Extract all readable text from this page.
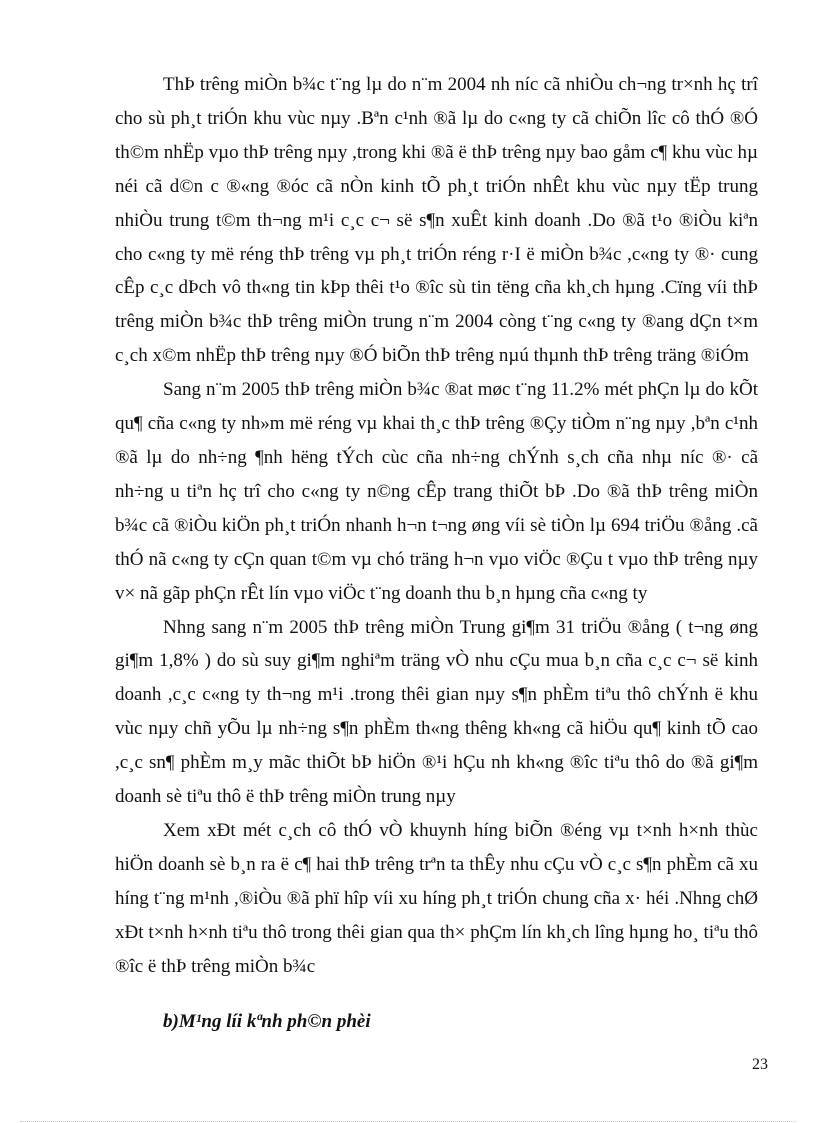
ThÞ trêng miÒn b¾c t¨ng lµ do n¨m 2004 nh níc cã nhiÒu ch¬ng tr×nh hç trî cho sù ph¸t triÓn khu vùc nµy .Bªn c¹nh ®ã lµ do c«ng ty cã chiÕn lîc cô thÓ ®Ó th©m nhËp vµo thÞ trêng nµy ,trong khi ®ã ë thÞ trêng nµy bao gåm c¶ khu vùc hµ néi cã d©n c ®«ng ®óc cã nÒn kinh tÕ ph¸t triÓn nhÊt khu vùc nµy tËp trung nhiÒu trung t©m th¬ng m¹i c¸c c¬ së s¶n xuÊt kinh doanh .Do ®ã t¹o ®iÒu kiªn cho c«ng ty më réng thÞ trêng vµ ph¸t triÓn réng r·I ë miÒn b¾c ,c«ng ty ®· cung cÊp c¸c dÞch vô th«ng tin kÞp thêi t¹o ®îc sù tin tëng cña kh¸ch hµng .Cïng víi thÞ trêng miÒn b¾c thÞ trêng miÒn trung n¨m 2004 còng t¨ng c«ng ty ®ang dÇn t×m c¸ch x©m nhËp thÞ trêng nµy ®Ó biÕn thÞ trêng nµú thµnh thÞ trêng träng ®iÓm

Sang n¨m 2005 thÞ trêng miÒn b¾c ®at møc t¨ng 11.2% mét phÇn lµ do kÕt qu¶ cña c«ng ty nh»m më réng vµ khai th¸c thÞ trêng ®Çy tiÒm n¨ng nµy ,bªn c¹nh ®ã lµ do nh÷ng ¶nh hëng tÝch cùc cña nh÷ng chÝnh s¸ch cña nhµ níc ®· cã nh÷ng u tiªn hç trî cho c«ng ty n©ng cÊp trang thiÕt bÞ .Do ®ã thÞ trêng miÒn b¾c cã ®iÒu kiÖn ph¸t triÓn nhanh h¬n t¬ng øng víi sè tiÒn lµ 694 triÖu ®ång .cã thÓ nã c«ng ty cÇn quan t©m vµ chó träng h¬n vµo viÖc ®Çu t vµo thÞ trêng nµy v× nã gãp phÇn rÊt lín vµo viÖc t¨ng doanh thu b¸n hµng cña c«ng ty

Nhng sang n¨m 2005 thÞ trêng miÒn Trung gi¶m 31 triÖu ®ång ( t¬ng øng gi¶m 1,8% ) do sù suy gi¶m nghiªm träng vÒ nhu cÇu mua b¸n cña c¸c c¬ së kinh doanh ,c¸c c«ng ty th¬ng m¹i .trong thêi gian nµy s¶n phÈm tiªu thô chÝnh ë khu vùc nµy chñ yÕu lµ nh÷ng s¶n phÈm th«ng thêng kh«ng cã hiÖu qu¶ kinh tÕ cao ,c¸c sn¶ phÈm m¸y mãc thiÕt bÞ hiÖn ®¹i hÇu nh kh«ng ®îc tiªu thô do ®ã gi¶m doanh sè tiªu thô ë thÞ trêng miÒn trung nµy

Xem xÐt mét c¸ch cô thÓ vÒ khuynh híng biÕn ®éng vµ t×nh h×nh thùc hiÖn doanh sè b¸n ra ë c¶ hai thÞ trêng trªn ta thÊy nhu cÇu vÒ c¸c s¶n phÈm cã xu híng t¨ng m¹nh ,®iÒu ®ã phï hîp víi xu híng ph¸t triÓn chung cña x· héi .Nhng chØ xÐt t×nh h×nh tiªu thô trong thêi gian qua th× phÇm lín kh¸ch lîng hµng ho¸ tiªu thô ®îc ë thÞ trêng miÒn b¾c

b)M¹ng líi kªnh ph©n phèi
23
